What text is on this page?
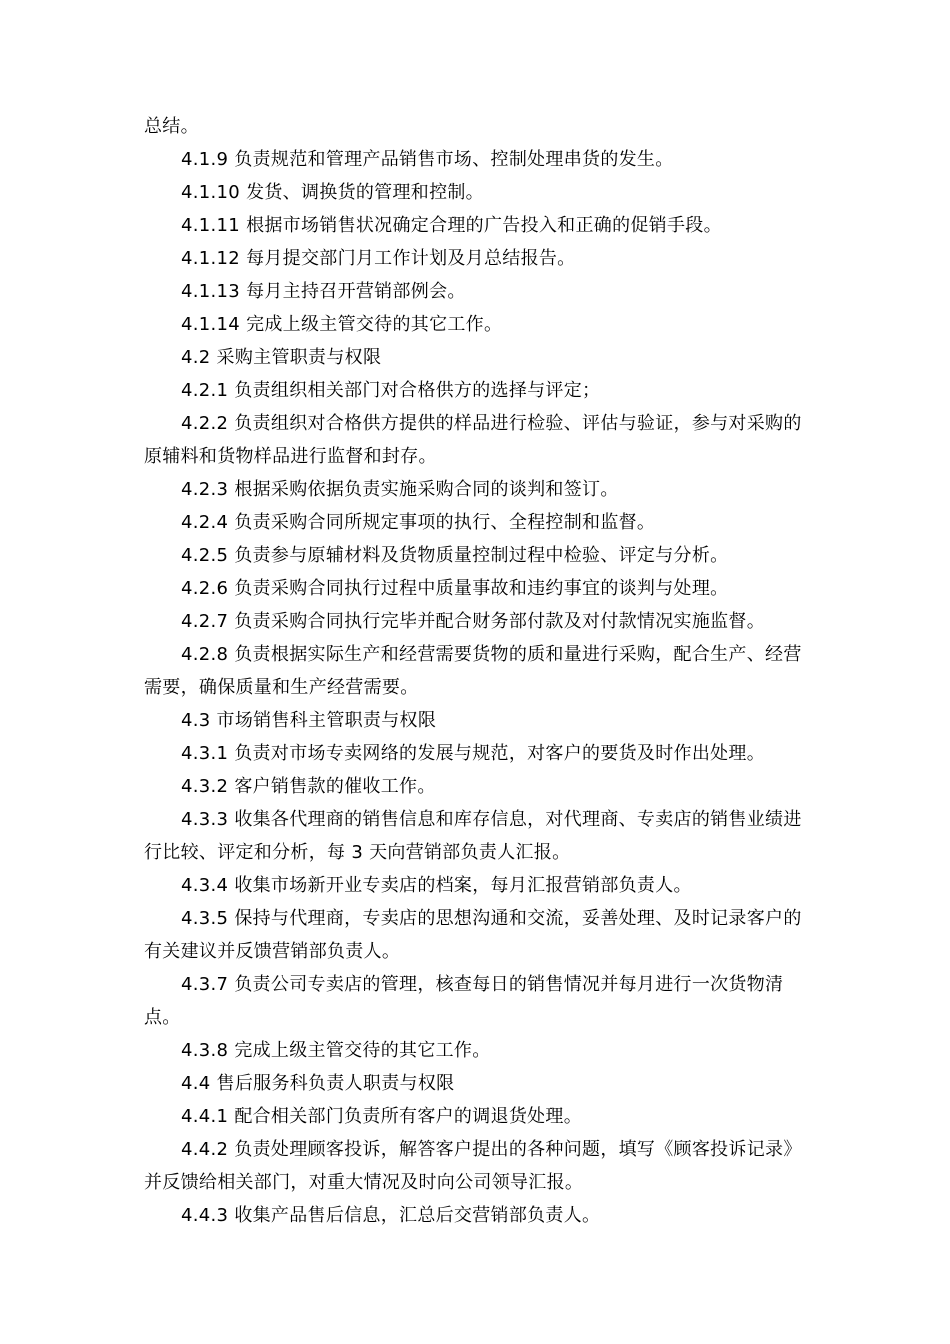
总结。

4.1.9 负责规范和管理产品销售市场、控制处理串货的发生。

4.1.10 发货、调换货的管理和控制。

4.1.11 根据市场销售状况确定合理的广告投入和正确的促销手段。

4.1.12 每月提交部门月工作计划及月总结报告。

4.1.13 每月主持召开营销部例会。

4.1.14 完成上级主管交待的其它工作。

4.2 采购主管职责与权限

4.2.1 负责组织相关部门对合格供方的选择与评定；

4.2.2 负责组织对合格供方提供的样品进行检验、评估与验证，参与对采购的原辅料和货物样品进行监督和封存。

4.2.3 根据采购依据负责实施采购合同的谈判和签订。

4.2.4 负责采购合同所规定事项的执行、全程控制和监督。

4.2.5 负责参与原辅材料及货物质量控制过程中检验、评定与分析。

4.2.6 负责采购合同执行过程中质量事故和违约事宜的谈判与处理。

4.2.7 负责采购合同执行完毕并配合财务部付款及对付款情况实施监督。

4.2.8 负责根据实际生产和经营需要货物的质和量进行采购，配合生产、经营需要，确保质量和生产经营需要。

4.3 市场销售科主管职责与权限

4.3.1 负责对市场专卖网络的发展与规范，对客户的要货及时作出处理。

4.3.2 客户销售款的催收工作。

4.3.3 收集各代理商的销售信息和库存信息，对代理商、专卖店的销售业绩进行比较、评定和分析，每 3 天向营销部负责人汇报。

4.3.4 收集市场新开业专卖店的档案，每月汇报营销部负责人。

4.3.5 保持与代理商，专卖店的思想沟通和交流，妥善处理、及时记录客户的有关建议并反馈营销部负责人。

4.3.7 负责公司专卖店的管理，核查每日的销售情况并每月进行一次货物清点。

4.3.8 完成上级主管交待的其它工作。

4.4 售后服务科负责人职责与权限

4.4.1 配合相关部门负责所有客户的调退货处理。

4.4.2 负责处理顾客投诉，解答客户提出的各种问题，填写《顾客投诉记录》并反馈给相关部门，对重大情况及时向公司领导汇报。

4.4.3 收集产品售后信息，汇总后交营销部负责人。
